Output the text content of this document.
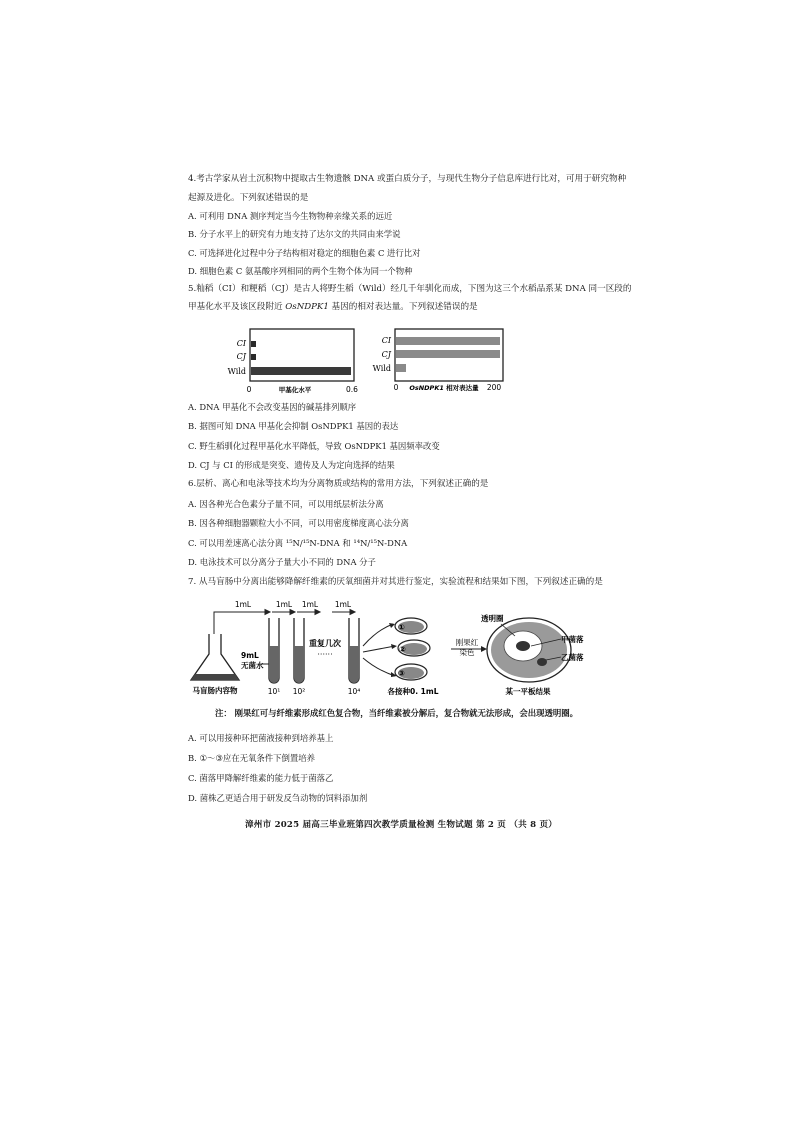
4.考古学家从岩土沉积物中提取古生物遗骸 DNA 或蛋白质分子，与现代生物分子信息库进行比对，可用于研究物种
起源及进化。下列叙述错误的是
A. 可利用 DNA 测序判定当今生物物种亲缘关系的远近
B. 分子水平上的研究有力地支持了达尔文的共同由来学说
C. 可选择进化过程中分子结构相对稳定的细胞色素 C 进行比对
D. 细胞色素 C 氨基酸序列相同的两个生物个体为同一个物种
5.籼稻（CI）和粳稻（CJ）是古人将野生稻（Wild）经几千年驯化而成，下图为这三个水稻品系某 DNA 同一区段的
甲基化水平及该区段附近 OsNDPK1 基因的相对表达量。下列叙述错误的是
CI
CJ
Wild
0	0.6
甲基化水平
CI
CJ
Wild
0	200
OsNDPK1 相对表达量
A. DNA 甲基化不会改变基因的碱基排列顺序
B. 据图可知 DNA 甲基化会抑制 OsNDPK1 基因的表达
C. 野生稻驯化过程甲基化水平降低，导致 OsNDPK1 基因频率改变
D. CJ 与 CI 的形成是突变、遗传及人为定向选择的结果
6.层析、离心和电泳等技术均为分离物质或结构的常用方法，下列叙述正确的是
A. 因各种光合色素分子量不同，可以用纸层析法分离
B. 因各种细胞器颗粒大小不同，可以用密度梯度离心法分离
C. 可以用差速离心法分离 ¹⁵N/¹⁵N-DNA 和 ¹⁴N/¹⁵N-DNA
D. 电泳技术可以分离分子量大小不同的 DNA 分子
7. 从马盲肠中分离出能够降解纤维素的厌氧细菌并对其进行鉴定，实验流程和结果如下图，下列叙述正确的是
1mL	1mL 1mL 1mL
马盲肠内容物
9mL
无菌水
10¹ 10²	10⁴
重复几次
······
①
②
③
各接种0. 1mL
刚果红
染色
透明圈
甲菌落
乙菌落
某一平板结果
注： 刚果红可与纤维素形成红色复合物，当纤维素被分解后，复合物就无法形成，会出现透明圈。
A. 可以用接种环把菌液接种到培养基上
B. ①～③应在无氧条件下倒置培养
C. 菌落甲降解纤维素的能力低于菌落乙
D. 菌株乙更适合用于研发反刍动物的饲料添加剂
漳州市 2025 届高三毕业班第四次教学质量检测 生物试题 第 2 页 （共 8 页）
